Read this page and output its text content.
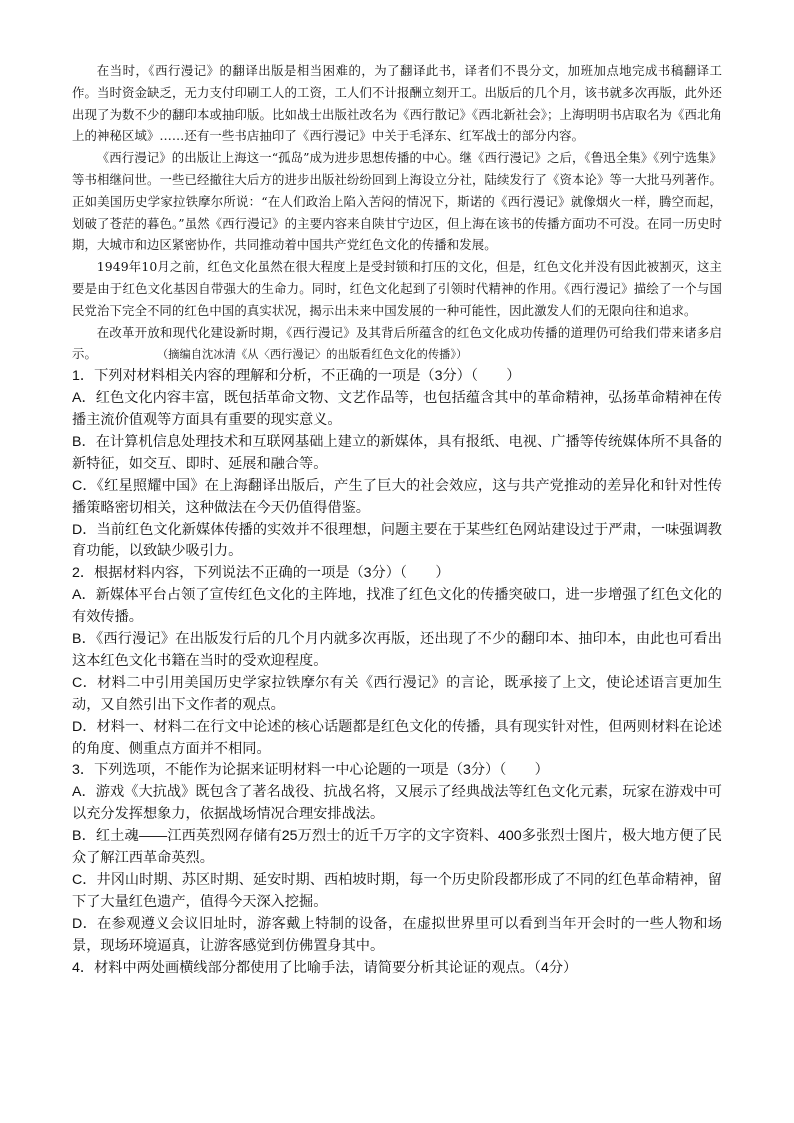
在当时，《西行漫记》的翻译出版是相当困难的，为了翻译此书，译者们不畏分文，加班加点地完成书稿翻译工作。当时资金缺乏，无力支付印刷工人的工资，工人们不计报酬立刻开工。出版后的几个月，该书就多次再版，此外还出现了为数不少的翻印本或抽印版。比如战士出版社改名为《西行散记》《西北新社会》；上海明明书店取名为《西北角上的神秘区域》……还有一些书店抽印了《西行漫记》中关于毛泽东、红军战士的部分内容。

《西行漫记》的出版让上海这一“孤岛”成为进步思想传播的中心。继《西行漫记》之后，《鲁迅全集》《列宁选集》等书相继问世。一些已经撤往大后方的进步出版社纷纷回到上海设立分社，陆续发行了《资本论》等一大批马列著作。正如美国历史学家拉铁摩尔所说：“在人们政治上陷入苦闷的情况下，斯诺的《西行漫记》就像烟火一样，腾空而起，划破了苍茫的暮色。”虽然《西行漫记》的主要内容来自陕甘宁边区，但上海在该书的传播方面功不可没。在同一历史时期，大城市和边区紧密协作，共同推动着中国共产党红色文化的传播和发展。

1949年10月之前，红色文化虽然在很大程度上是受封锁和打压的文化，但是，红色文化并没有因此被割灭，这主要是由于红色文化基因自带强大的生命力。同时，红色文化起到了引领时代精神的作用。《西行漫记》描绘了一个与国民党治下完全不同的红色中国的真实状况，揭示出未来中国发展的一种可能性，因此激发人们的无限向往和追求。

在改革开放和现代化建设新时期，《西行漫记》及其背后所蕴含的红色文化成功传播的道理仍可给我们带来诸多启示。	（摘编自沈冰清《从〈西行漫记〉的出版看红色文化的传播》）

1．下列对材料相关内容的理解和分析，不正确的一项是（3分）（　　）

A．红色文化内容丰富，既包括革命文物、文艺作品等，也包括蕴含其中的革命精神，弘扬革命精神在传播主流价值观等方面具有重要的现实意义。

B．在计算机信息处理技术和互联网基础上建立的新媒体，具有报纸、电视、广播等传统媒体所不具备的新特征，如交互、即时、延展和融合等。

C．《红星照耀中国》在上海翻译出版后，产生了巨大的社会效应，这与共产党推动的差异化和针对性传播策略密切相关，这种做法在今天仍值得借鉴。

D．当前红色文化新媒体传播的实效并不很理想，问题主要在于某些红色网站建设过于严肃，一味强调教育功能，以致缺少吸引力。

2．根据材料内容，下列说法不正确的一项是（3分）（　　）

A．新媒体平台占领了宣传红色文化的主阵地，找准了红色文化的传播突破口，进一步增强了红色文化的有效传播。

B．《西行漫记》在出版发行后的几个月内就多次再版，还出现了不少的翻印本、抽印本，由此也可看出这本红色文化书籍在当时的受欢迎程度。

C．材料二中引用美国历史学家拉铁摩尔有关《西行漫记》的言论，既承接了上文，使论述语言更加生动，又自然引出下文作者的观点。

D．材料一、材料二在行文中论述的核心话题都是红色文化的传播，具有现实针对性，但两则材料在论述的角度、侧重点方面并不相同。

3．下列选项，不能作为论据来证明材料一中心论题的一项是（3分）（　　）

A．游戏《大抗战》既包含了著名战役、抗战名将，又展示了经典战法等红色文化元素，玩家在游戏中可以充分发挥想象力，依据战场情况合理安排战法。

B．红土魂——江西英烈网存储有25万烈士的近千万字的文字资料、400多张烈士图片，极大地方便了民众了解江西革命英烈。

C．井冈山时期、苏区时期、延安时期、西柏坡时期，每一个历史阶段都形成了不同的红色革命精神，留下了大量红色遗产，值得今天深入挖掘。

D．在参观遵义会议旧址时，游客戴上特制的设备，在虚拟世界里可以看到当年开会时的一些人物和场景，现场环境逼真，让游客感觉到仿佛置身其中。

4．材料中两处画横线部分都使用了比喻手法，请简要分析其论证的观点。（4分）
